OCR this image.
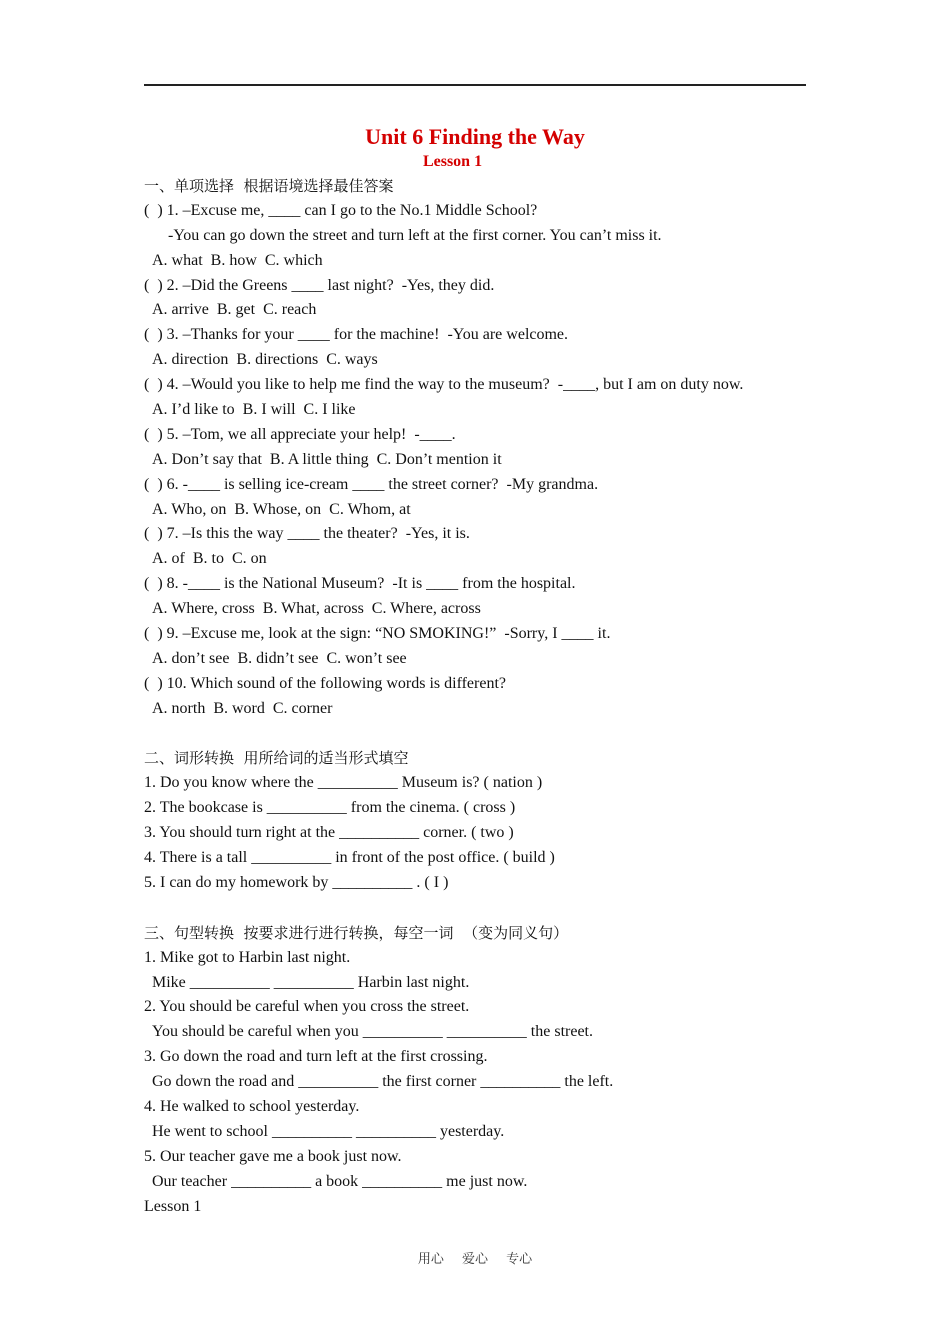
Unit 6 Finding the Way
Lesson 1
一、单项选择  根据语境选择最佳答案
(  ) 1. –Excuse me, ____ can I go to the No.1 Middle School?
-You can go down the street and turn left at the first corner. You can’t miss it.
A. what  B. how  C. which
(  ) 2. –Did the Greens ____ last night?  -Yes, they did.
A. arrive  B. get  C. reach
(  ) 3. –Thanks for your ____ for the machine!  -You are welcome.
A. direction  B. directions  C. ways
(  ) 4. –Would you like to help me find the way to the museum?  -____, but I am on duty now.
A. I’d like to  B. I will  C. I like
(  ) 5. –Tom, we all appreciate your help!  -____.
A. Don’t say that  B. A little thing  C. Don’t mention it
(  ) 6. -____ is selling ice-cream ____ the street corner?  -My grandma.
A. Who, on  B. Whose, on  C. Whom, at
(  ) 7. –Is this the way ____ the theater?  -Yes, it is.
A. of  B. to  C. on
(  ) 8. -____ is the National Museum?  -It is ____ from the hospital.
A. Where, cross  B. What, across  C. Where, across
(  ) 9. –Excuse me, look at the sign: “NO SMOKING!”  -Sorry, I ____ it.
A. don’t see  B. didn’t see  C. won’t see
(  ) 10. Which sound of the following words is different?
A. north  B. word  C. corner
二、词形转换  用所给词的适当形式填空
1. Do you know where the __________ Museum is? ( nation )
2. The bookcase is __________ from the cinema. ( cross )
3. You should turn right at the __________ corner. ( two )
4. There is a tall __________ in front of the post office. ( build )
5. I can do my homework by __________ . ( I )
三、句型转换  按要求进行进行转换，每空一词  （变为同义句）
1. Mike got to Harbin last night.
Mike __________ __________ Harbin last night.
2. You should be careful when you cross the street.
You should be careful when you __________ __________ the street.
3. Go down the road and turn left at the first crossing.
Go down the road and __________ the first corner __________ the left.
4. He walked to school yesterday.
He went to school __________ __________ yesterday.
5. Our teacher gave me a book just now.
Our teacher __________ a book __________ me just now.
Lesson 1
用心 爱心 专心
